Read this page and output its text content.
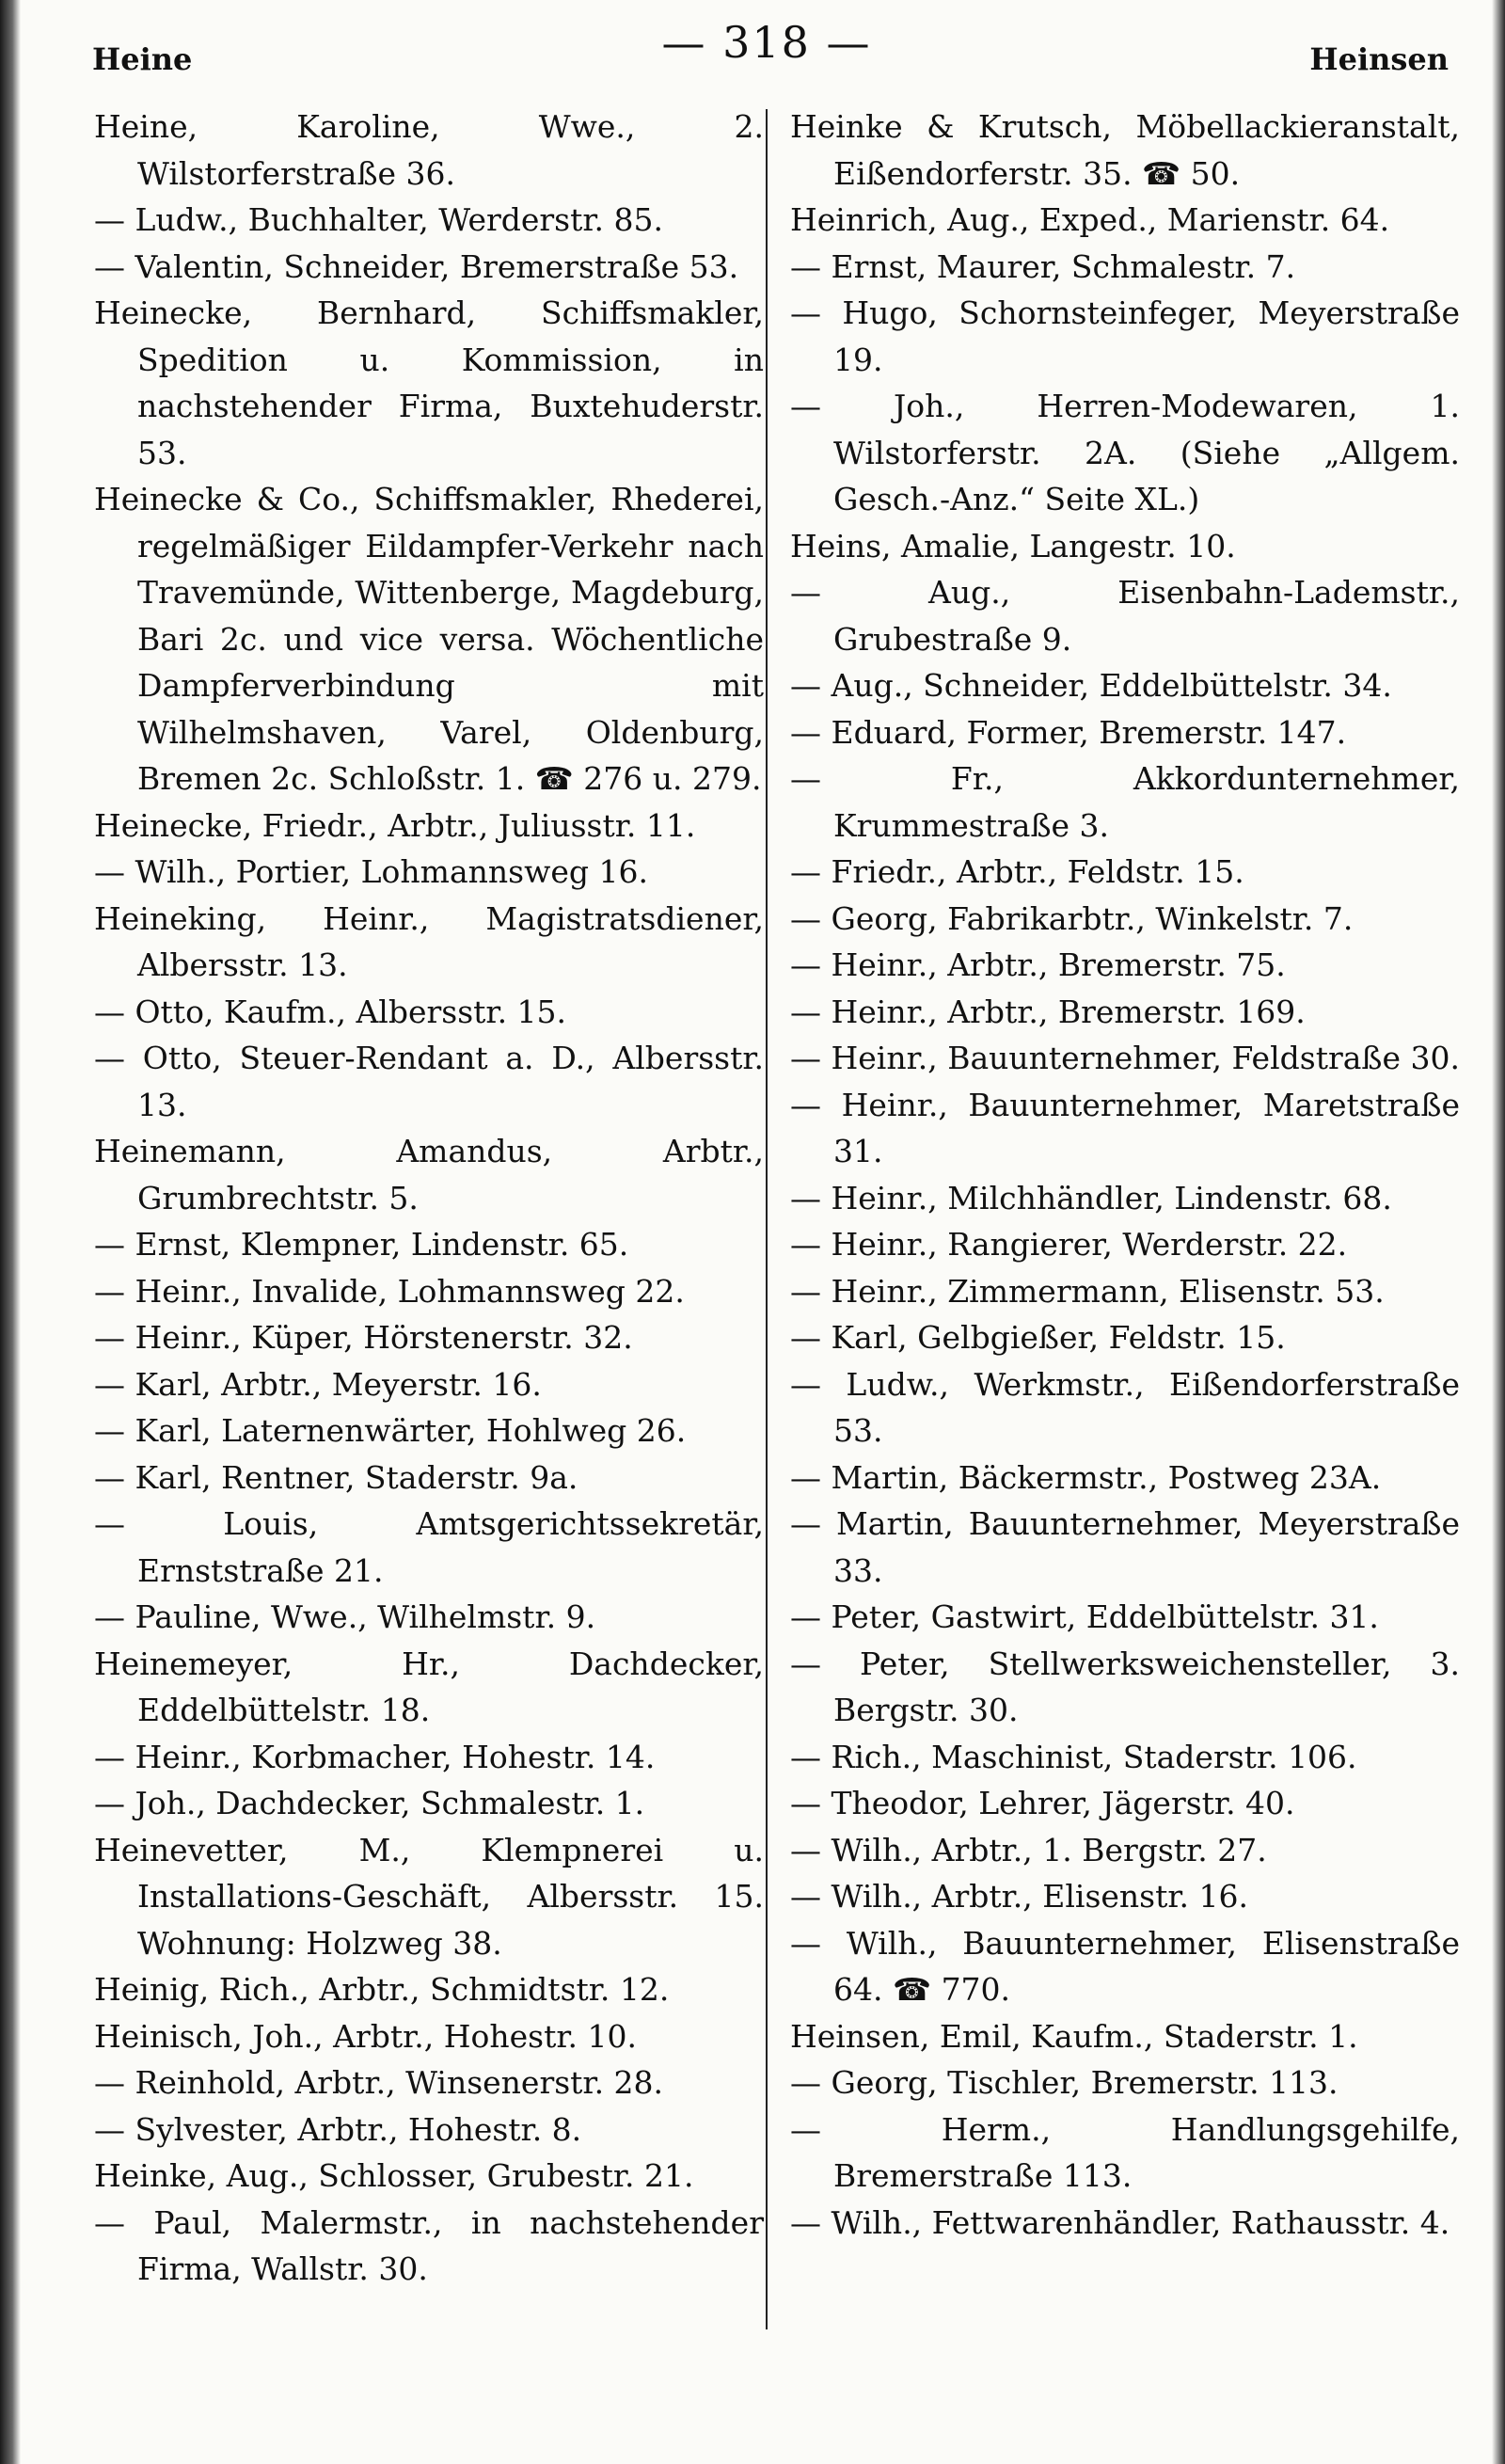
Heine	— 318 —	Heinsen

Heine, Karoline, Wwe., 2. Wilstorferstraße 36.

— Ludw., Buchhalter, Werderstr. 85.

— Valentin, Schneider, Bremerstraße 53.

Heinecke, Bernhard, Schiffsmakler, Spedition u. Kommission, in nachstehender Firma, Buxtehuderstr. 53.

Heinecke & Co., Schiffsmakler, Rhederei, regelmäßiger Eildampfer-Verkehr nach Travemünde, Wittenberge, Magdeburg, Bari 2c. und vice versa. Wöchentliche Dampferverbindung mit Wilhelmshaven, Varel, Oldenburg, Bremen 2c. Schloßstr. 1. ☎ 276 u. 279.

Heinecke, Friedr., Arbtr., Juliusstr. 11.

— Wilh., Portier, Lohmannsweg 16.

Heineking, Heinr., Magistratsdiener, Albersstr. 13.

— Otto, Kaufm., Albersstr. 15.

— Otto, Steuer-Rendant a. D., Albersstr. 13.

Heinemann, Amandus, Arbtr., Grumbrechtstr. 5.

— Ernst, Klempner, Lindenstr. 65.

— Heinr., Invalide, Lohmannsweg 22.

— Heinr., Küper, Hörstenerstr. 32.

— Karl, Arbtr., Meyerstr. 16.

— Karl, Laternenwärter, Hohlweg 26.

— Karl, Rentner, Staderstr. 9a.

— Louis, Amtsgerichtssekretär, Ernststraße 21.

— Pauline, Wwe., Wilhelmstr. 9.

Heinemeyer, Hr., Dachdecker, Eddelbüttelstr. 18.

— Heinr., Korbmacher, Hohestr. 14.

— Joh., Dachdecker, Schmalestr. 1.

Heinevetter, M., Klempnerei u. Installations-Geschäft, Albersstr. 15. Wohnung: Holzweg 38.

Heinig, Rich., Arbtr., Schmidtstr. 12.

Heinisch, Joh., Arbtr., Hohestr. 10.

— Reinhold, Arbtr., Winsenerstr. 28.

— Sylvester, Arbtr., Hohestr. 8.

Heinke, Aug., Schlosser, Grubestr. 21.

— Paul, Malermstr., in nachstehender Firma, Wallstr. 30.

Heinke & Krutsch, Möbellackieranstalt, Eißendorferstr. 35. ☎ 50.

Heinrich, Aug., Exped., Marienstr. 64.

— Ernst, Maurer, Schmalestr. 7.

— Hugo, Schornsteinfeger, Meyerstraße 19.

— Joh., Herren-Modewaren, 1. Wilstorferstr. 2A. (Siehe „Allgem. Gesch.-Anz.“ Seite XL.)

Heins, Amalie, Langestr. 10.

— Aug., Eisenbahn-Lademstr., Grubestraße 9.

— Aug., Schneider, Eddelbüttelstr. 34.

— Eduard, Former, Bremerstr. 147.

— Fr., Akkordunternehmer, Krummestraße 3.

— Friedr., Arbtr., Feldstr. 15.

— Georg, Fabrikarbtr., Winkelstr. 7.

— Heinr., Arbtr., Bremerstr. 75.

— Heinr., Arbtr., Bremerstr. 169.

— Heinr., Bauunternehmer, Feldstraße 30.

— Heinr., Bauunternehmer, Maretstraße 31.

— Heinr., Milchhändler, Lindenstr. 68.

— Heinr., Rangierer, Werderstr. 22.

— Heinr., Zimmermann, Elisenstr. 53.

— Karl, Gelbgießer, Feldstr. 15.

— Ludw., Werkmstr., Eißendorferstraße 53.

— Martin, Bäckermstr., Postweg 23A.

— Martin, Bauunternehmer, Meyerstraße 33.

— Peter, Gastwirt, Eddelbüttelstr. 31.

— Peter, Stellwerksweichensteller, 3. Bergstr. 30.

— Rich., Maschinist, Staderstr. 106.

— Theodor, Lehrer, Jägerstr. 40.

— Wilh., Arbtr., 1. Bergstr. 27.

— Wilh., Arbtr., Elisenstr. 16.

— Wilh., Bauunternehmer, Elisenstraße 64. ☎ 770.

Heinsen, Emil, Kaufm., Staderstr. 1.

— Georg, Tischler, Bremerstr. 113.

— Herm., Handlungsgehilfe, Bremerstraße 113.

— Wilh., Fettwarenhändler, Rathausstr. 4.
